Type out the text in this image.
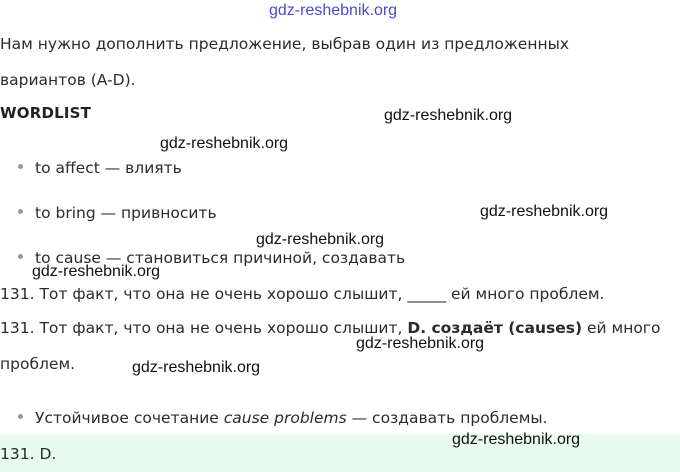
gdz-reshebnik.org
Нам нужно дополнить предложение, выбрав один из предложенных
вариантов (A-D).
WORDLIST
to affect — влиять
to bring — привносить
to cause — становиться причиной, создавать
131. Тот факт, что она не очень хорошо слышит, _____ ей много проблем.
131. Тот факт, что она не очень хорошо слышит, D. создаёт (causes) ей много
проблем.
Устойчивое сочетание cause problems — создавать проблемы.
131. D.
gdz-reshebnik.org
gdz-reshebnik.org
gdz-reshebnik.org
gdz-reshebnik.org
gdz-reshebnik.org
gdz-reshebnik.org
gdz-reshebnik.org
gdz-reshebnik.org
